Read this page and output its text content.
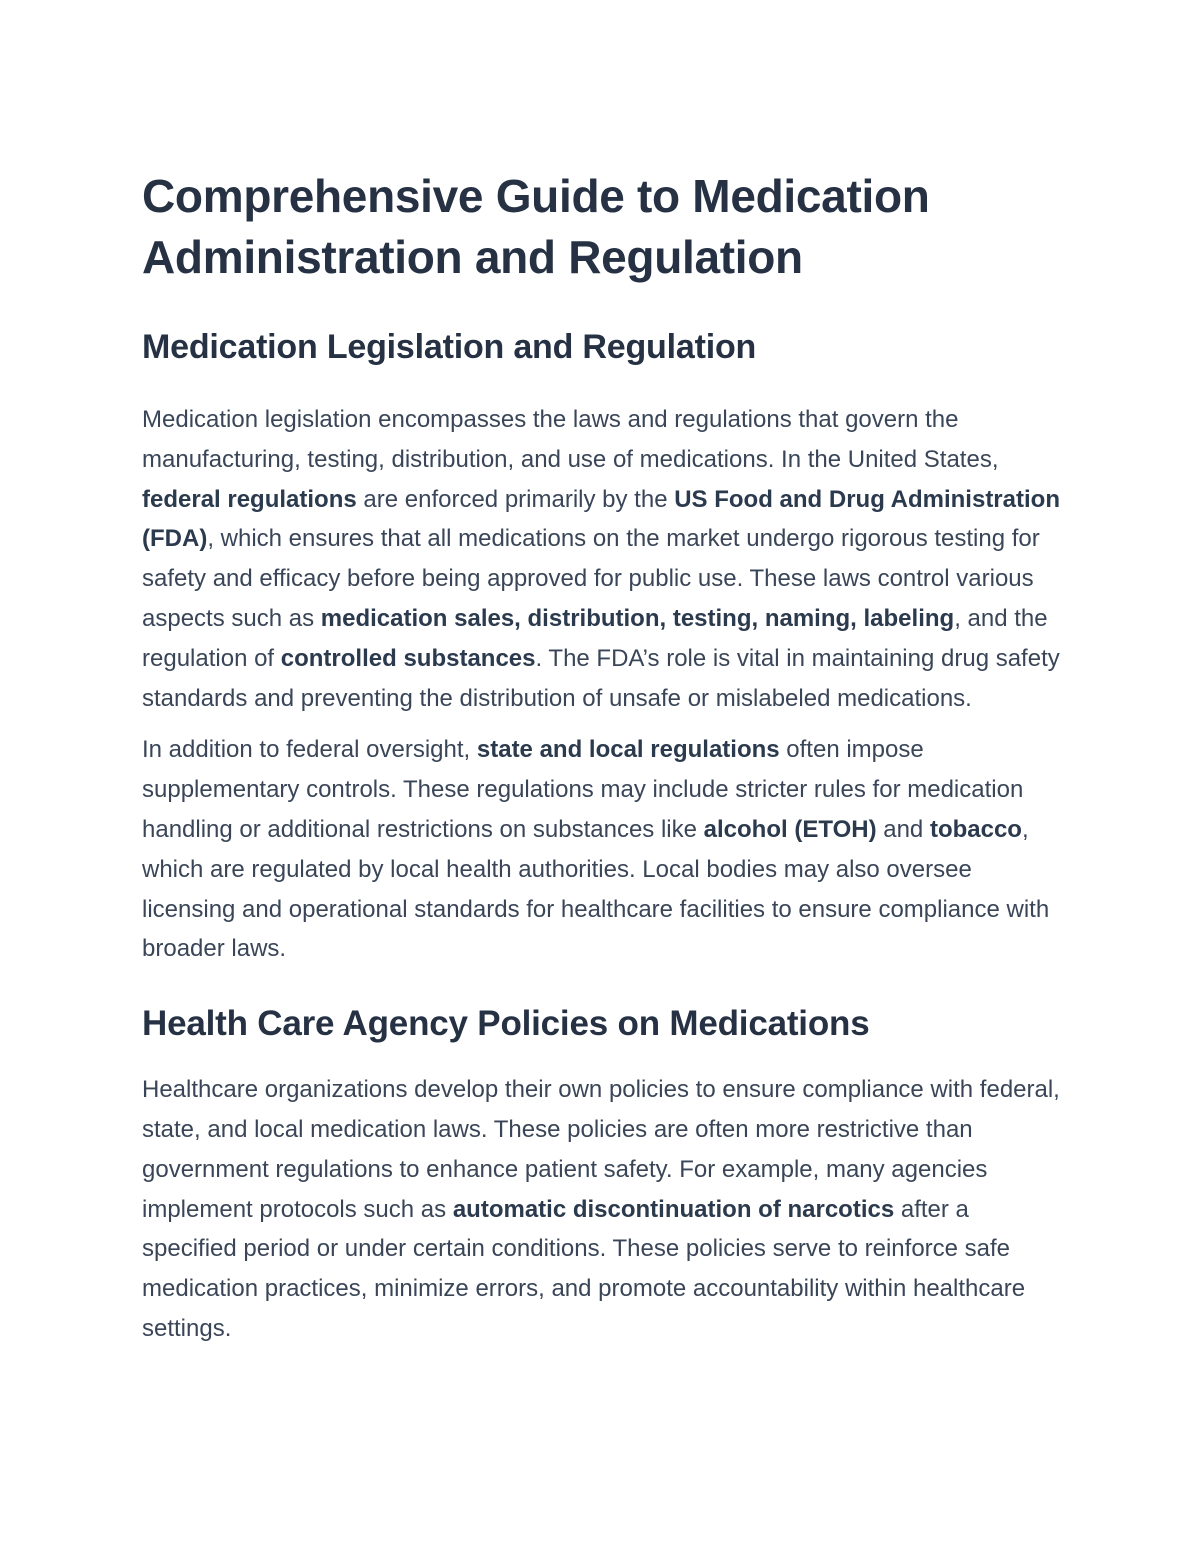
Comprehensive Guide to Medication Administration and Regulation
Medication Legislation and Regulation

Medication legislation encompasses the laws and regulations that govern the manufacturing, testing, distribution, and use of medications. In the United States, federal regulations are enforced primarily by the US Food and Drug Administration (FDA), which ensures that all medications on the market undergo rigorous testing for safety and efficacy before being approved for public use. These laws control various aspects such as medication sales, distribution, testing, naming, labeling, and the regulation of controlled substances. The FDA’s role is vital in maintaining drug safety standards and preventing the distribution of unsafe or mislabeled medications.

In addition to federal oversight, state and local regulations often impose supplementary controls. These regulations may include stricter rules for medication handling or additional restrictions on substances like alcohol (ETOH) and tobacco, which are regulated by local health authorities. Local bodies may also oversee licensing and operational standards for healthcare facilities to ensure compliance with broader laws.

Health Care Agency Policies on Medications

Healthcare organizations develop their own policies to ensure compliance with federal, state, and local medication laws. These policies are often more restrictive than government regulations to enhance patient safety. For example, many agencies implement protocols such as automatic discontinuation of narcotics after a specified period or under certain conditions. These policies serve to reinforce safe medication practices, minimize errors, and promote accountability within healthcare settings.
